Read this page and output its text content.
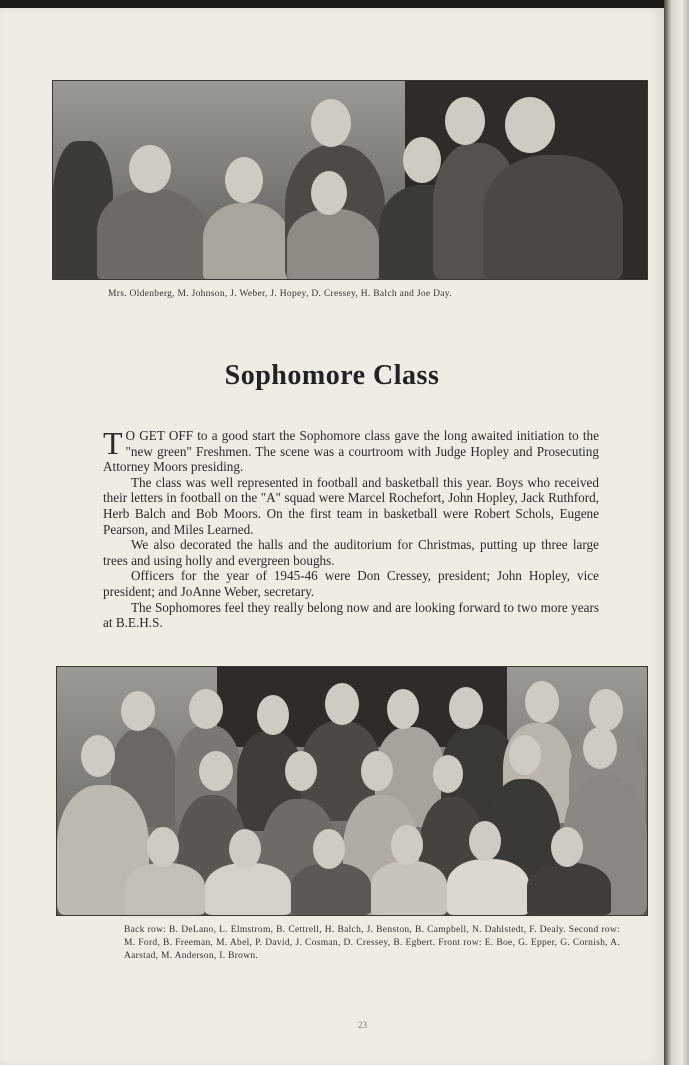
Mrs. Oldenberg, M. Johnson, J. Weber, J. Hopey, D. Cressey, H. Balch and Joe Day.
Sophomore Class

T O GET OFF to a good start the Sophomore class gave the long awaited initiation to the "new green" Freshmen. The scene was a courtroom with Judge Hopley and Prosecuting Attorney Moors presiding.

The class was well represented in football and basketball this year. Boys who received their letters in football on the "A" squad were Marcel Rochefort, John Hopley, Jack Ruthford, Herb Balch and Bob Moors. On the first team in basketball were Robert Schols, Eugene Pearson, and Miles Learned.

We also decorated the halls and the auditorium for Christmas, putting up three large trees and using holly and evergreen boughs.

Officers for the year of 1945-46 were Don Cressey, president; John Hopley, vice president; and JoAnne Weber, secretary.

The Sophomores feel they really belong now and are looking forward to two more years at B.E.H.S.

Back row: B. DeLano, L. Elmstrom, B. Cettrell, H. Balch, J. Benston, B. Campbell, N. Dahlstedt, F. Dealy. Second row: M. Ford, B. Freeman, M. Abel, P. David, J. Cosman, D. Cressey, B. Egbert. Front row: E. Boe, G. Epper, G. Cornish, A. Aarstad, M. Anderson, I. Brown.
23
